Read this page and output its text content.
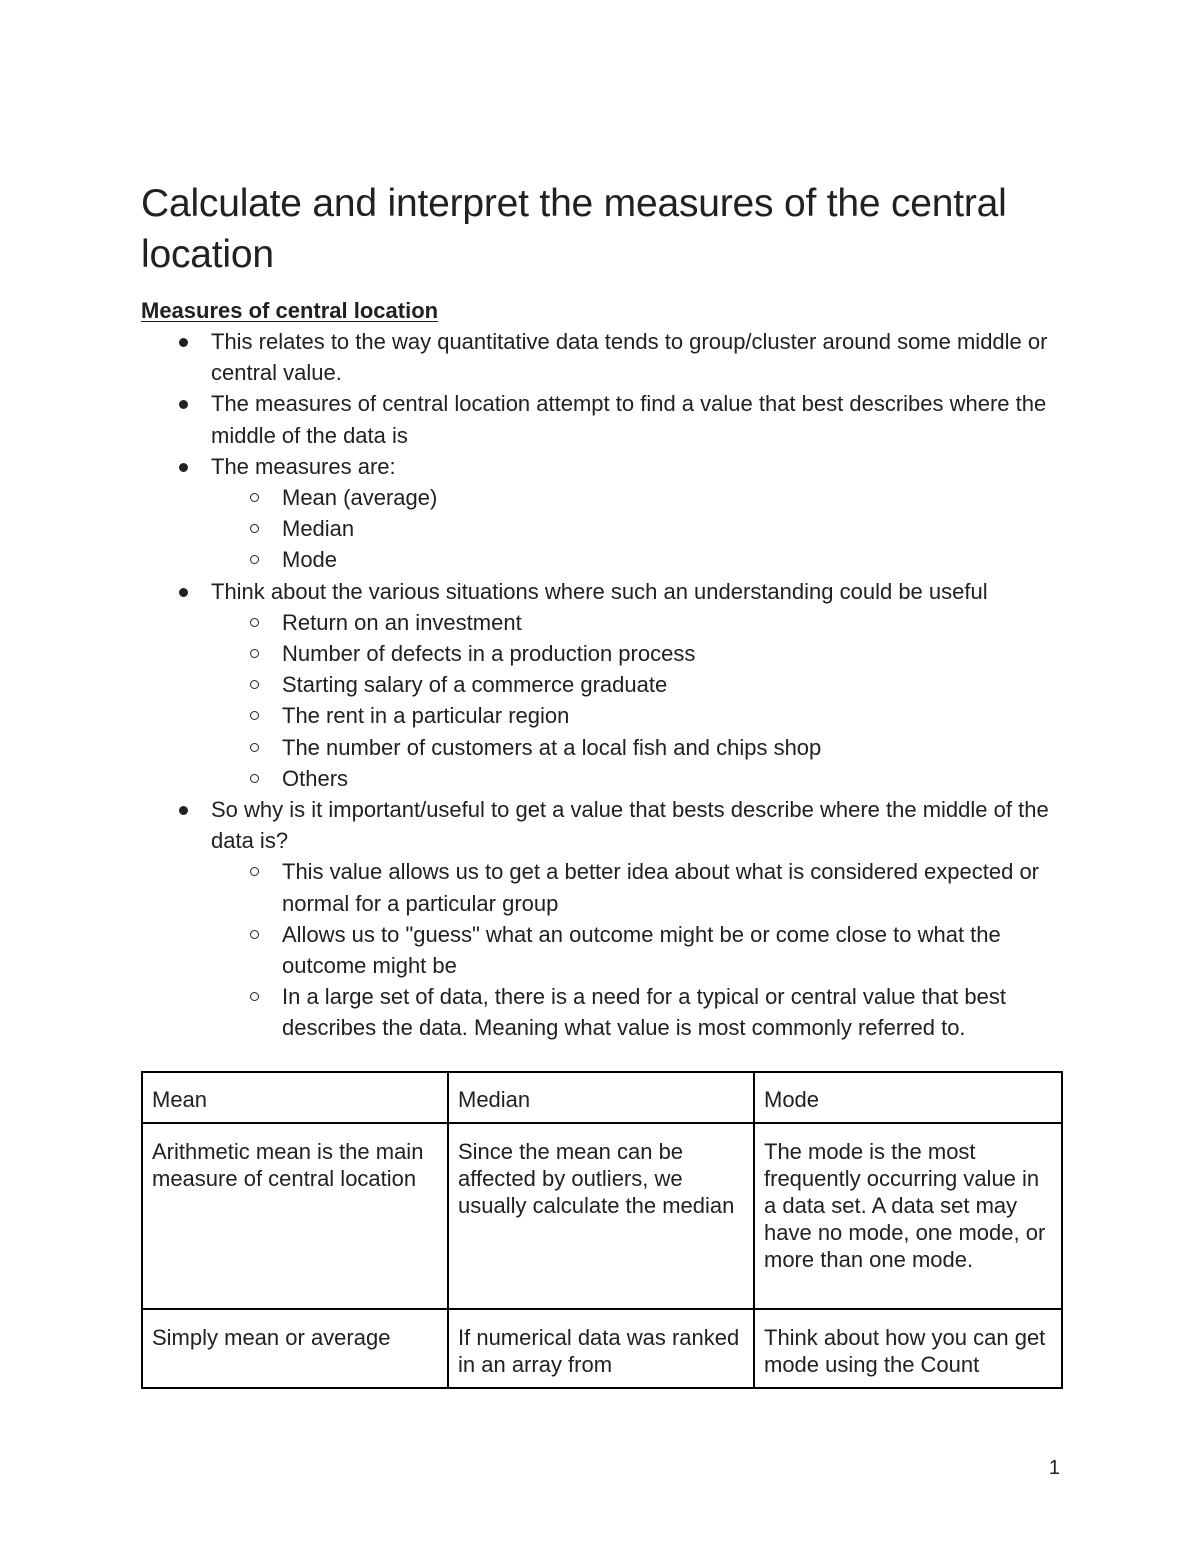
Calculate and interpret the measures of the central location
Measures of central location
This relates to the way quantitative data tends to group/cluster around some middle or central value.
The measures of central location attempt to find a value that best describes where the middle of the data is
The measures are:
Mean (average)
Median
Mode
Think about the various situations where such an understanding could be useful
Return on an investment
Number of defects in a production process
Starting salary of a commerce graduate
The rent in a particular region
The number of customers at a local fish and chips shop
Others
So why is it important/useful to get a value that bests describe where the middle of the data is?
This value allows us to get a better idea about what is considered expected or normal for a particular group
Allows us to "guess" what an outcome might be or come close to what the outcome might be
In a large set of data, there is a need for a typical or central value that best describes the data. Meaning what value is most commonly referred to.
Mean	Median	Mode
Arithmetic mean is the main measure of central location	Since the mean can be affected by outliers, we usually calculate the median	The mode is the most frequently occurring value in a data set. A data set may have no mode, one mode, or more than one mode.
Simply mean or average	If numerical data was ranked in an array from	Think about how you can get mode using the Count
1
